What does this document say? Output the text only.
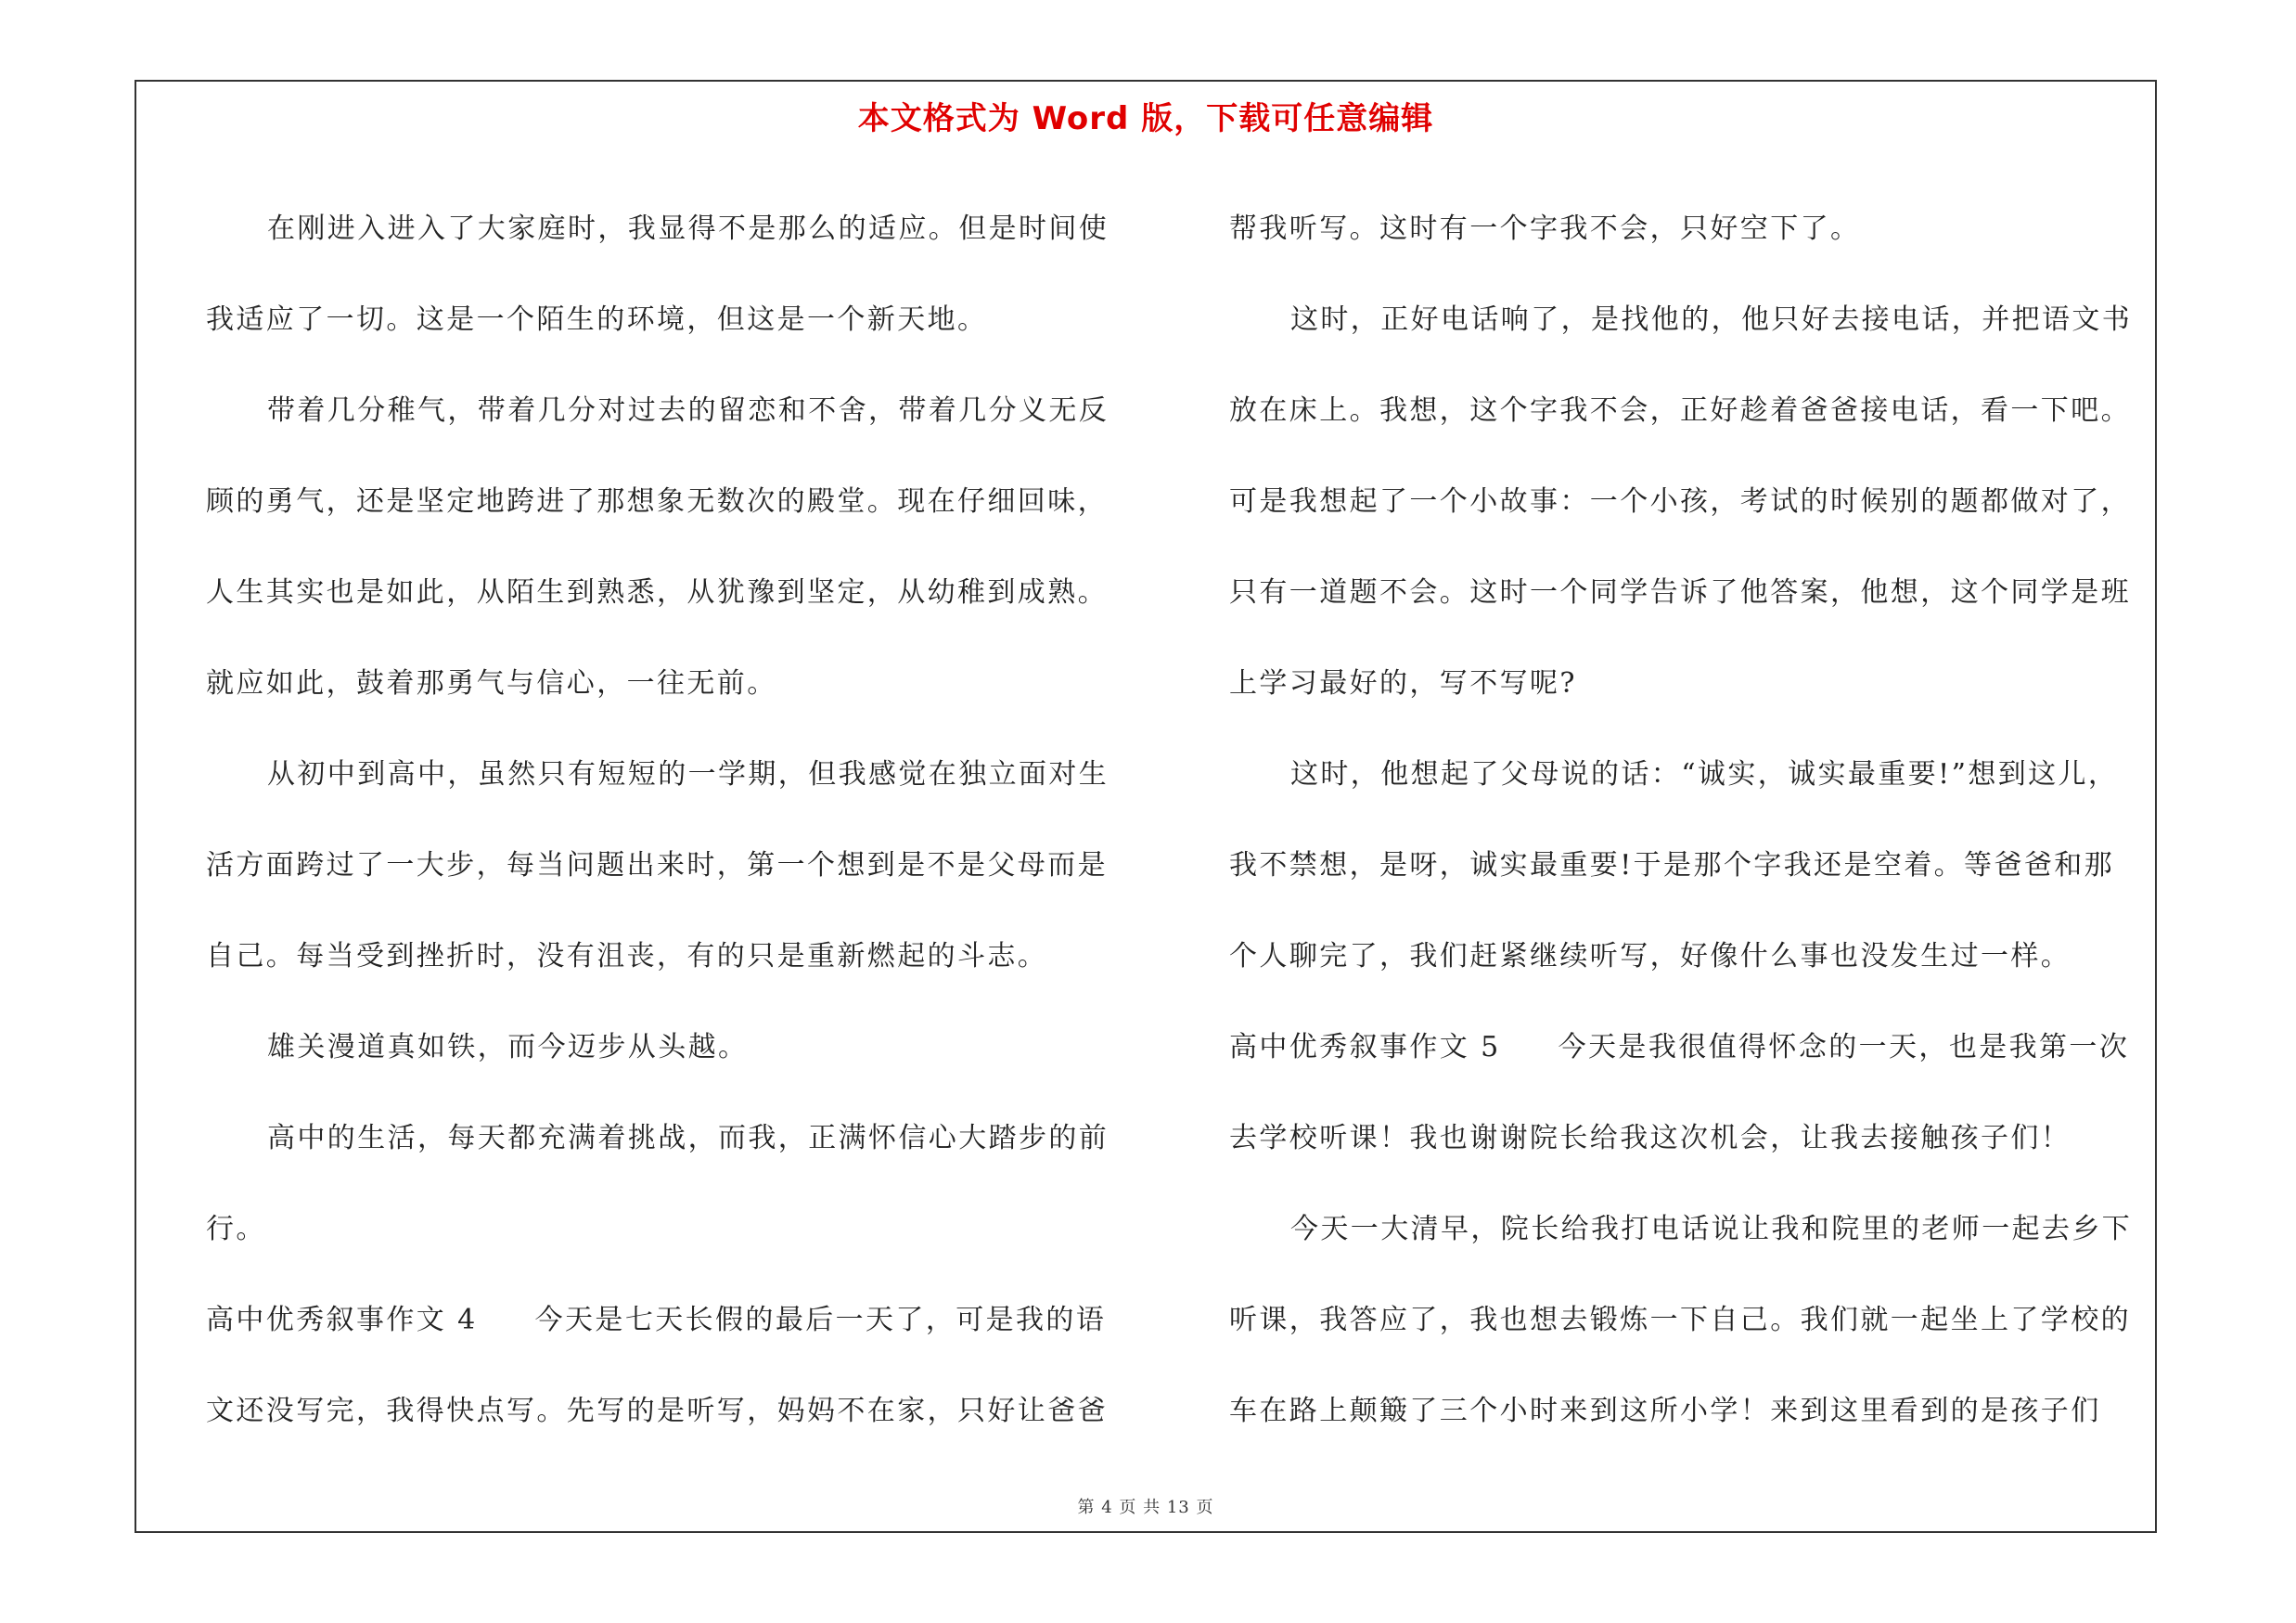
本文格式为 Word 版，下载可任意编辑
在刚进入进入了大家庭时，我显得不是那么的适应。但是时间使
我适应了一切。这是一个陌生的环境，但这是一个新天地。
带着几分稚气，带着几分对过去的留恋和不舍，带着几分义无反
顾的勇气，还是坚定地跨进了那想象无数次的殿堂。现在仔细回味，
人生其实也是如此，从陌生到熟悉，从犹豫到坚定，从幼稚到成熟。
就应如此，鼓着那勇气与信心，一往无前。
从初中到高中，虽然只有短短的一学期，但我感觉在独立面对生
活方面跨过了一大步，每当问题出来时，第一个想到是不是父母而是
自己。每当受到挫折时，没有沮丧，有的只是重新燃起的斗志。
雄关漫道真如铁，而今迈步从头越。
高中的生活，每天都充满着挑战，而我，正满怀信心大踏步的前
行。
高中优秀叙事作文 4 今天是七天长假的最后一天了，可是我的语
文还没写完，我得快点写。先写的是听写，妈妈不在家，只好让爸爸
帮我听写。这时有一个字我不会，只好空下了。
这时，正好电话响了，是找他的，他只好去接电话，并把语文书
放在床上。我想，这个字我不会，正好趁着爸爸接电话，看一下吧。
可是我想起了一个小故事：一个小孩，考试的时候别的题都做对了，
只有一道题不会。这时一个同学告诉了他答案，他想，这个同学是班
上学习最好的，写不写呢?
这时，他想起了父母说的话：“诚实，诚实最重要!”想到这儿，
我不禁想，是呀，诚实最重要!于是那个字我还是空着。等爸爸和那
个人聊完了，我们赶紧继续听写，好像什么事也没发生过一样。
高中优秀叙事作文 5 今天是我很值得怀念的一天，也是我第一次
去学校听课！我也谢谢院长给我这次机会，让我去接触孩子们！
今天一大清早，院长给我打电话说让我和院里的老师一起去乡下
听课，我答应了，我也想去锻炼一下自己。我们就一起坐上了学校的
车在路上颠簸了三个小时来到这所小学！来到这里看到的是孩子们
第 4 页 共 13 页
